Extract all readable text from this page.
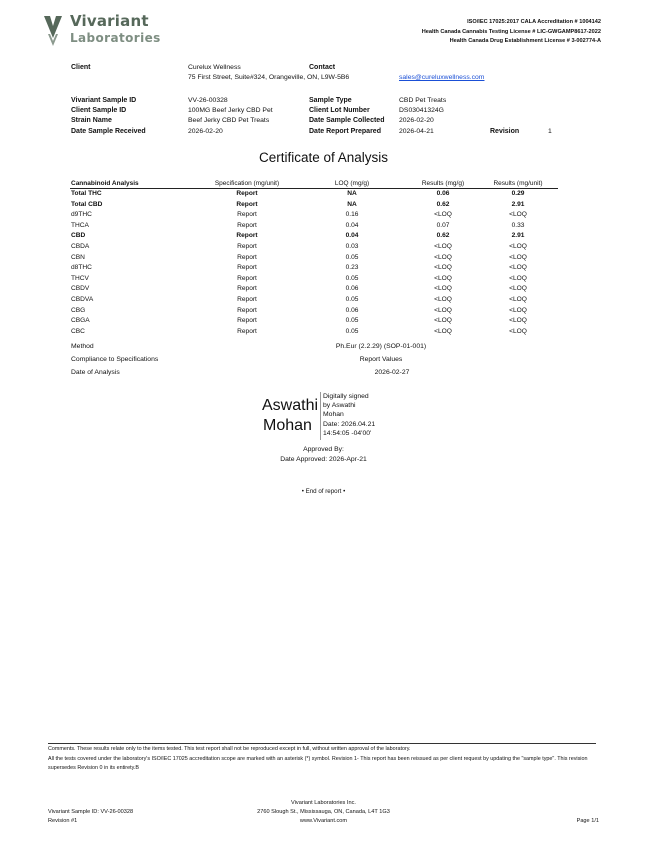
Vivariant
Laboratories
ISO/IEC 17025:2017 CALA Accreditation # 1004142
Health Canada Cannabis Testing License # LIC-GWGAMP8617-2022
Health Canada Drug Establishment License # 3-002774-A
Client	Curelux Wellness
75 First Street, Suite#324, Orangeville, ON, L9W-5B6
Contact
sales@cureluxwellness.com
Vivariant Sample ID	VV-26-00328
Client Sample ID	100MG Beef Jerky CBD Pet
Strain Name	Beef Jerky CBD Pet Treats
Date Sample Received	2026-02-20
Sample Type	CBD Pet Treats
Client Lot Number	DS03041324G
Date Sample Collected 2026-02-20
Date Report Prepared	2026-04-21	Revision	1
Certificate of Analysis
Cannabinoid Analysis	Specification (mg/unit)	LOQ (mg/g)	Results (mg/g)	Results (mg/unit)
Total THC	Report	NA	0.06	0.29
Total CBD	Report	NA	0.62	2.91
d9THC	Report	0.16	<LOQ	<LOQ
THCA	Report	0.04	0.07	0.33
CBD	Report	0.04	0.62	2.91
CBDA	Report	0.03	<LOQ	<LOQ
CBN	Report	0.05	<LOQ	<LOQ
d8THC	Report	0.23	<LOQ	<LOQ
THCV	Report	0.05	<LOQ	<LOQ
CBDV	Report	0.06	<LOQ	<LOQ
CBDVA	Report	0.05	<LOQ	<LOQ
CBG	Report	0.06	<LOQ	<LOQ
CBGA	Report	0.05	<LOQ	<LOQ
CBC	Report	0.05	<LOQ	<LOQ
Method	Ph.Eur (2.2.29) (SOP-01-001)
Compliance to Specifications	Report Values
Date of Analysis	2026-02-27
Aswathi
Mohan
Digitally signed
by Aswathi
Mohan
Date: 2026.04.21
14:54:05 -04'00'
Approved By:
Date Approved: 2026-Apr-21
• End of report •
Comments. These results relate only to the items tested. This test report shall not be reproduced except in full, without written approval of the laboratory.
All the tests covered under the laboratory's ISO/IEC 17025 accreditation scope are marked with an asterisk (*) symbol. Revision 1- This report has been reissued as per client request by updating the "sample type". This revision supersedes Revision 0 in its entirety.B
Vivariant Sample ID: VV-26-00328
Revision #1
Vivariant Laboratories Inc.
2760 Slough St., Mississauga, ON, Canada, L4T 1G3
www.Vivariant.com	Page 1/1
